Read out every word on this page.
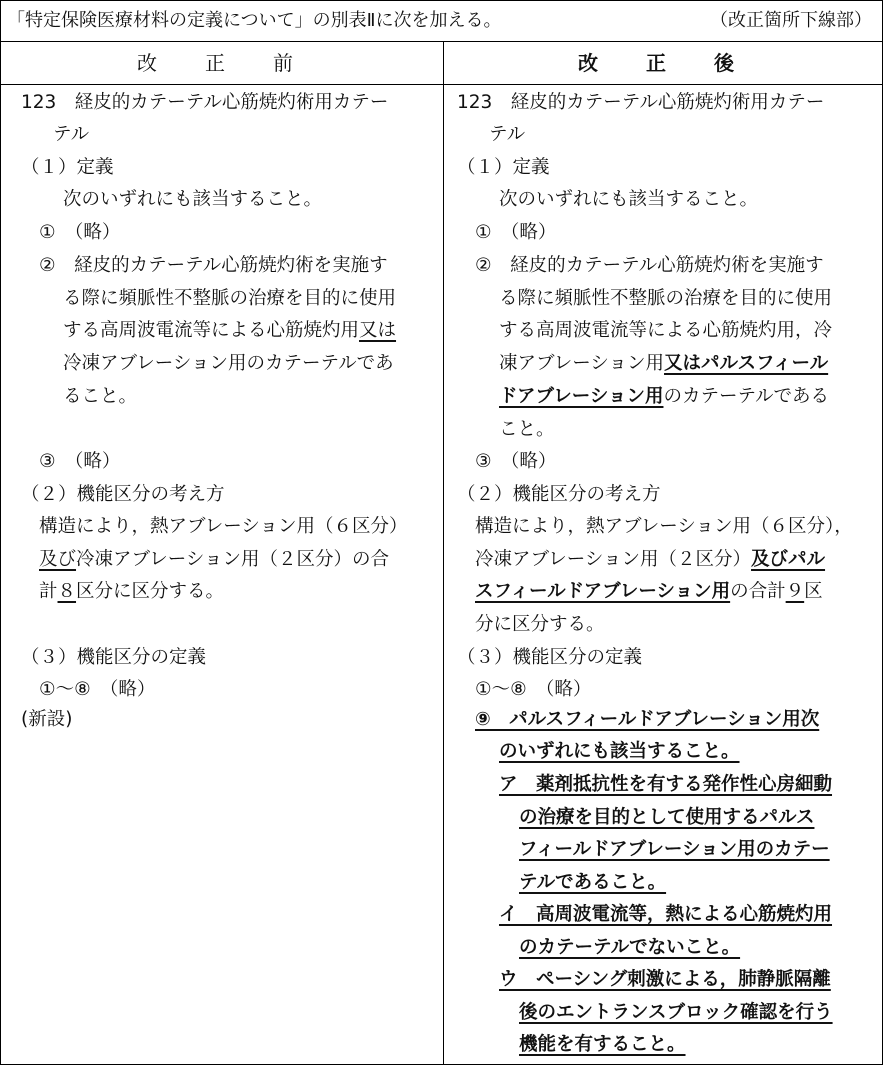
「特定保険医療材料の定義について」の別表Ⅱに次を加える。	（改正箇所下線部）
改　正　前	改　正　後
123　経皮的カテーテル心筋焼灼術用カテー
テル
（１）定義
次のいずれにも該当すること。
①　（略）
②　経皮的カテーテル心筋焼灼術を実施す
る際に頻脈性不整脈の治療を目的に使用
する高周波電流等による心筋焼灼用又は
冷凍アブレーション用のカテーテルであ
ること。
③　（略）
（２）機能区分の考え方
構造により，熱アブレーション用（６区分）
及び冷凍アブレーション用（２区分）の合
計８区分に区分する。
（３）機能区分の定義
①～⑧　（略）
(新設)
123　経皮的カテーテル心筋焼灼術用カテー
テル
（１）定義
次のいずれにも該当すること。
①　（略）
②　経皮的カテーテル心筋焼灼術を実施す
る際に頻脈性不整脈の治療を目的に使用
する高周波電流等による心筋焼灼用，冷
凍アブレーション用又はパルスフィール
ドアブレーション用のカテーテルである
こと。
③　（略）
（２）機能区分の考え方
構造により，熱アブレーション用（６区分），
冷凍アブレーション用（２区分）及びパル
スフィールドアブレーション用の合計９区
分に区分する。
（３）機能区分の定義
①～⑧　（略）
⑨　パルスフィールドアブレーション用次
のいずれにも該当すること。
ア　薬剤抵抗性を有する発作性心房細動
の治療を目的として使用するパルス
フィールドアブレーション用のカテー
テルであること。
イ　高周波電流等，熱による心筋焼灼用
のカテーテルでないこと。
ウ　ペーシング刺激による，肺静脈隔離
後のエントランスブロック確認を行う
機能を有すること。
